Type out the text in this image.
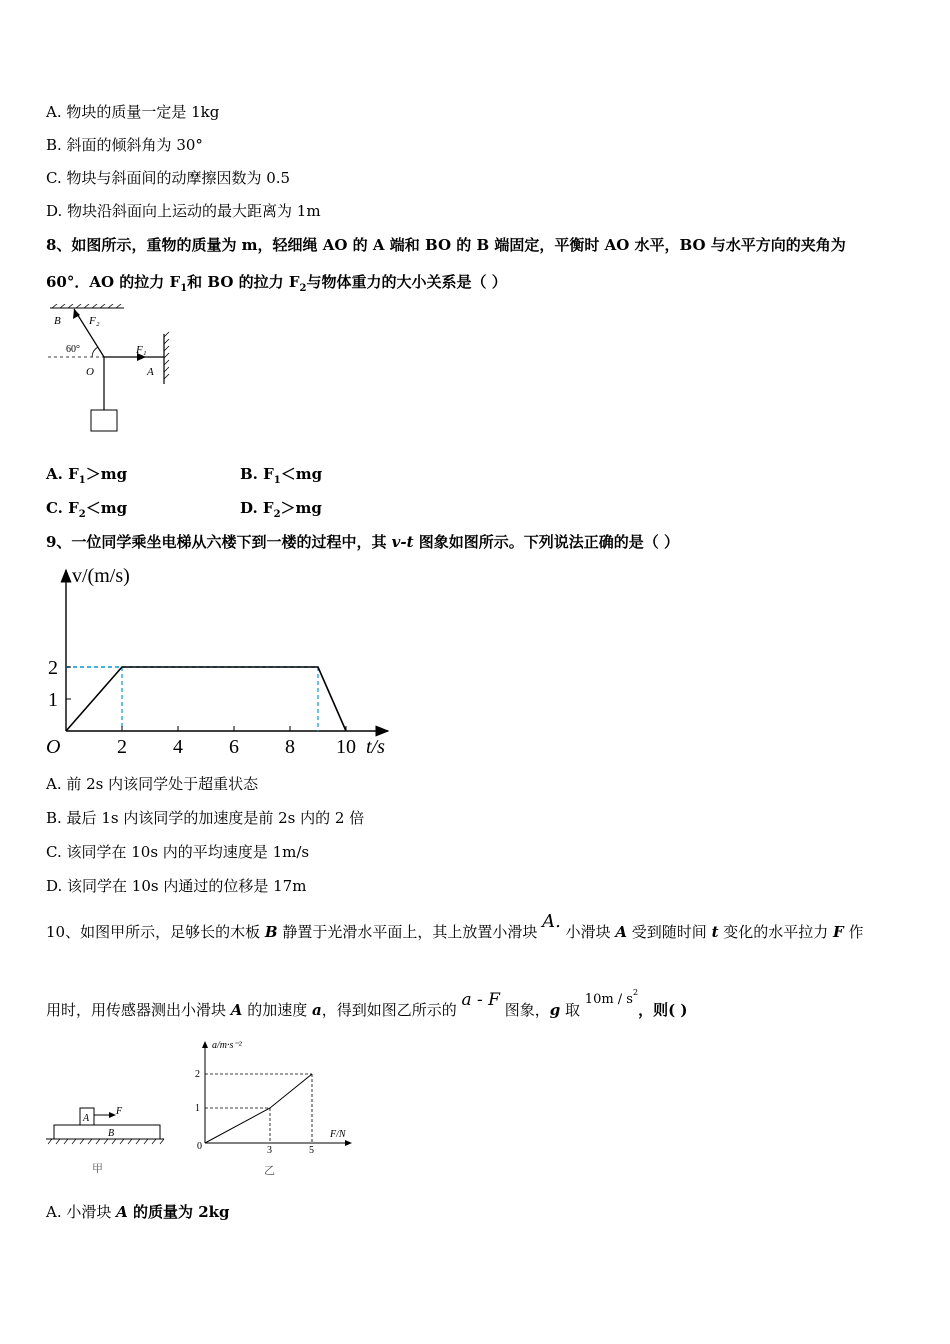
A. 物块的质量一定是 1kg
B. 斜面的倾斜角为 30°
C. 物块与斜面间的动摩擦因数为 0.5
D. 物块沿斜面向上运动的最大距离为 1m
8、如图所示，重物的质量为 m，轻细绳 AO 的 A 端和 BO 的 B 端固定，平衡时 AO 水平，BO 与水平方向的夹角为
60°．AO 的拉力 $F_1$和 BO 的拉力 $F_2$与物体重力的大小关系是（ ）
B	F₂
60°
O
F₁
A
A. $F_1>mg$	B. $F_1<mg$
C. $F_2<mg$	D. $F_2>mg$
9、一位同学乘坐电梯从六楼下到一楼的过程中，其 v-t 图象如图所示。下列说法正确的是（ ）
2 4 6 8 10
1
2
v/(m/s)
t/s
O
A. 前 2s 内该同学处于超重状态
B. 最后 1s 内该同学的加速度是前 2s 内的 2 倍
C. 该同学在 10s 内的平均速度是 1m/s
D. 该同学在 10s 内通过的位移是 17m
10、如图甲所示，足够长的木板 B 静置于光滑水平面上，其上放置小滑块 A. 小滑块 A 受到随时间 t 变化的水平拉力 F 作
用时，用传感器测出小滑块 A 的加速度 a，得到如图乙所示的 a - F 图象，g 取 $10m / s^2$，则( )
A
F
B
甲
a/m·s⁻²
F/N
2
1
0	3	5
乙
A. 小滑块 A 的质量为 2kg
